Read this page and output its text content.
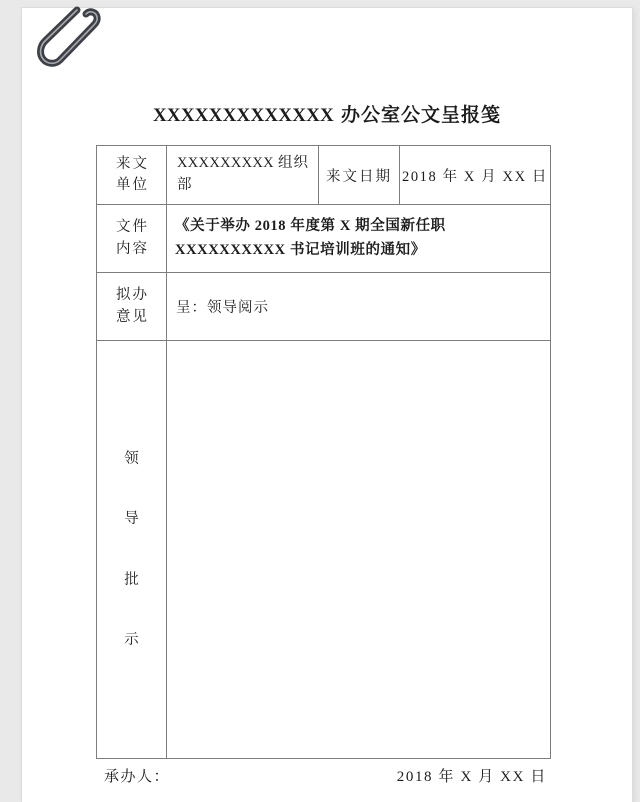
XXXXXXXXXXXXX 办公室公文呈报笺
来文
单位	XXXXXXXXX 组织部	来文日期	2018 年 X 月 XX 日

文件
内容	《关于举办 2018 年度第 X 期全国新任职
XXXXXXXXXX 书记培训班的通知》		

拟办
意见	呈：领导阅示		

领
导
批
示			

承办人：	2018 年 X 月 XX 日
